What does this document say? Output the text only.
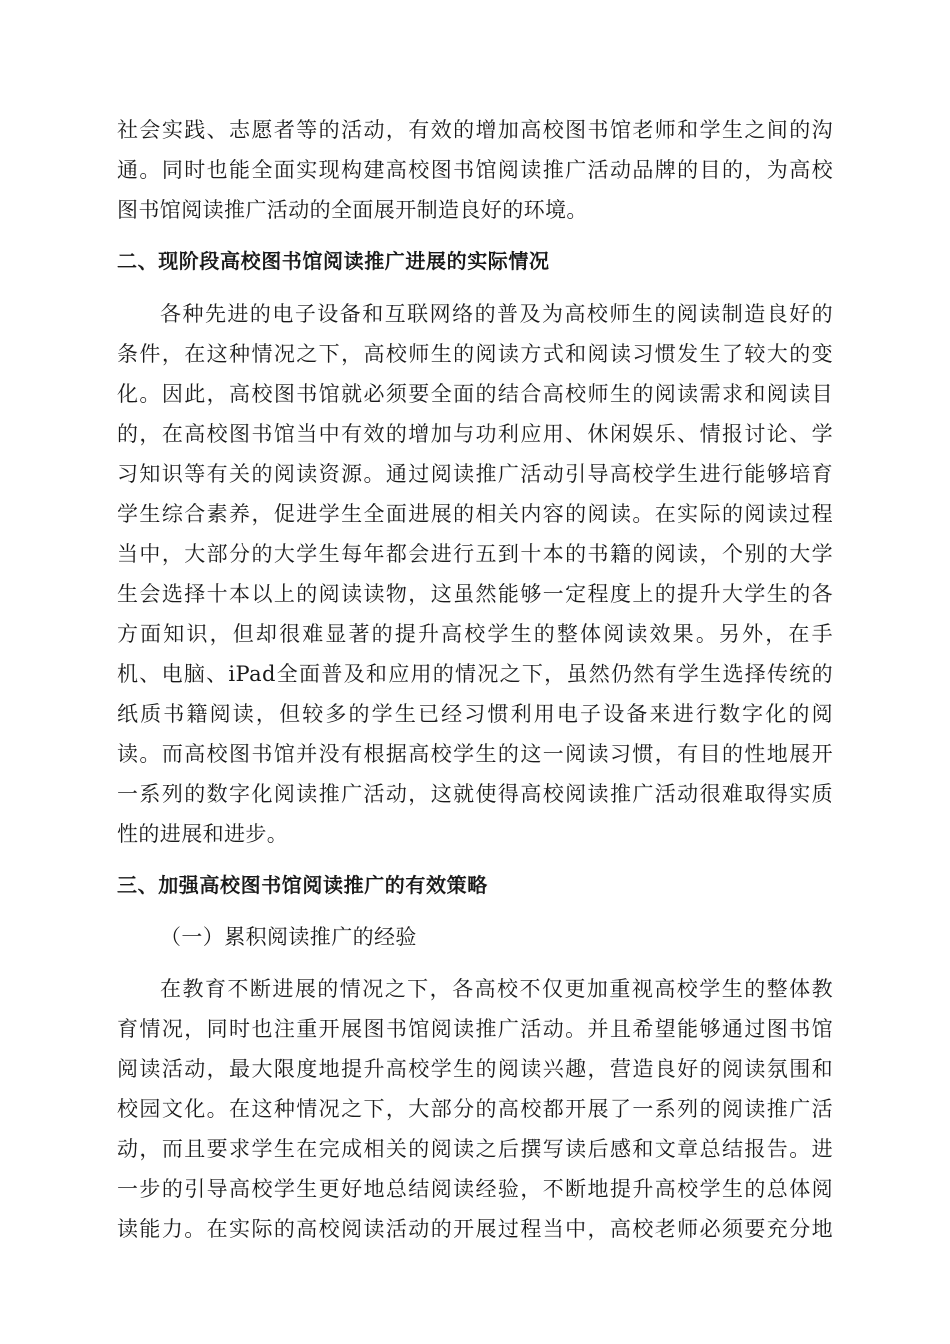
社会实践、志愿者等的活动，有效的增加高校图书馆老师和学生之间的沟
通。同时也能全面实现构建高校图书馆阅读推广活动品牌的目的，为高校
图书馆阅读推广活动的全面展开制造良好的环境。
二、现阶段高校图书馆阅读推广进展的实际情况
各种先进的电子设备和互联网络的普及为高校师生的阅读制造良好的
条件，在这种情况之下，高校师生的阅读方式和阅读习惯发生了较大的变
化。因此，高校图书馆就必须要全面的结合高校师生的阅读需求和阅读目
的，在高校图书馆当中有效的增加与功利应用、休闲娱乐、情报讨论、学
习知识等有关的阅读资源。通过阅读推广活动引导高校学生进行能够培育
学生综合素养，促进学生全面进展的相关内容的阅读。在实际的阅读过程
当中，大部分的大学生每年都会进行五到十本的书籍的阅读，个别的大学
生会选择十本以上的阅读读物，这虽然能够一定程度上的提升大学生的各
方面知识，但却很难显著的提升高校学生的整体阅读效果。另外，在手
机、电脑、iPad全面普及和应用的情况之下，虽然仍然有学生选择传统的
纸质书籍阅读，但较多的学生已经习惯利用电子设备来进行数字化的阅
读。而高校图书馆并没有根据高校学生的这一阅读习惯，有目的性地展开
一系列的数字化阅读推广活动，这就使得高校阅读推广活动很难取得实质
性的进展和进步。
三、加强高校图书馆阅读推广的有效策略
（一）累积阅读推广的经验
在教育不断进展的情况之下，各高校不仅更加重视高校学生的整体教
育情况，同时也注重开展图书馆阅读推广活动。并且希望能够通过图书馆
阅读活动，最大限度地提升高校学生的阅读兴趣，营造良好的阅读氛围和
校园文化。在这种情况之下，大部分的高校都开展了一系列的阅读推广活
动，而且要求学生在完成相关的阅读之后撰写读后感和文章总结报告。进
一步的引导高校学生更好地总结阅读经验，不断地提升高校学生的总体阅
读能力。在实际的高校阅读活动的开展过程当中，高校老师必须要充分地
